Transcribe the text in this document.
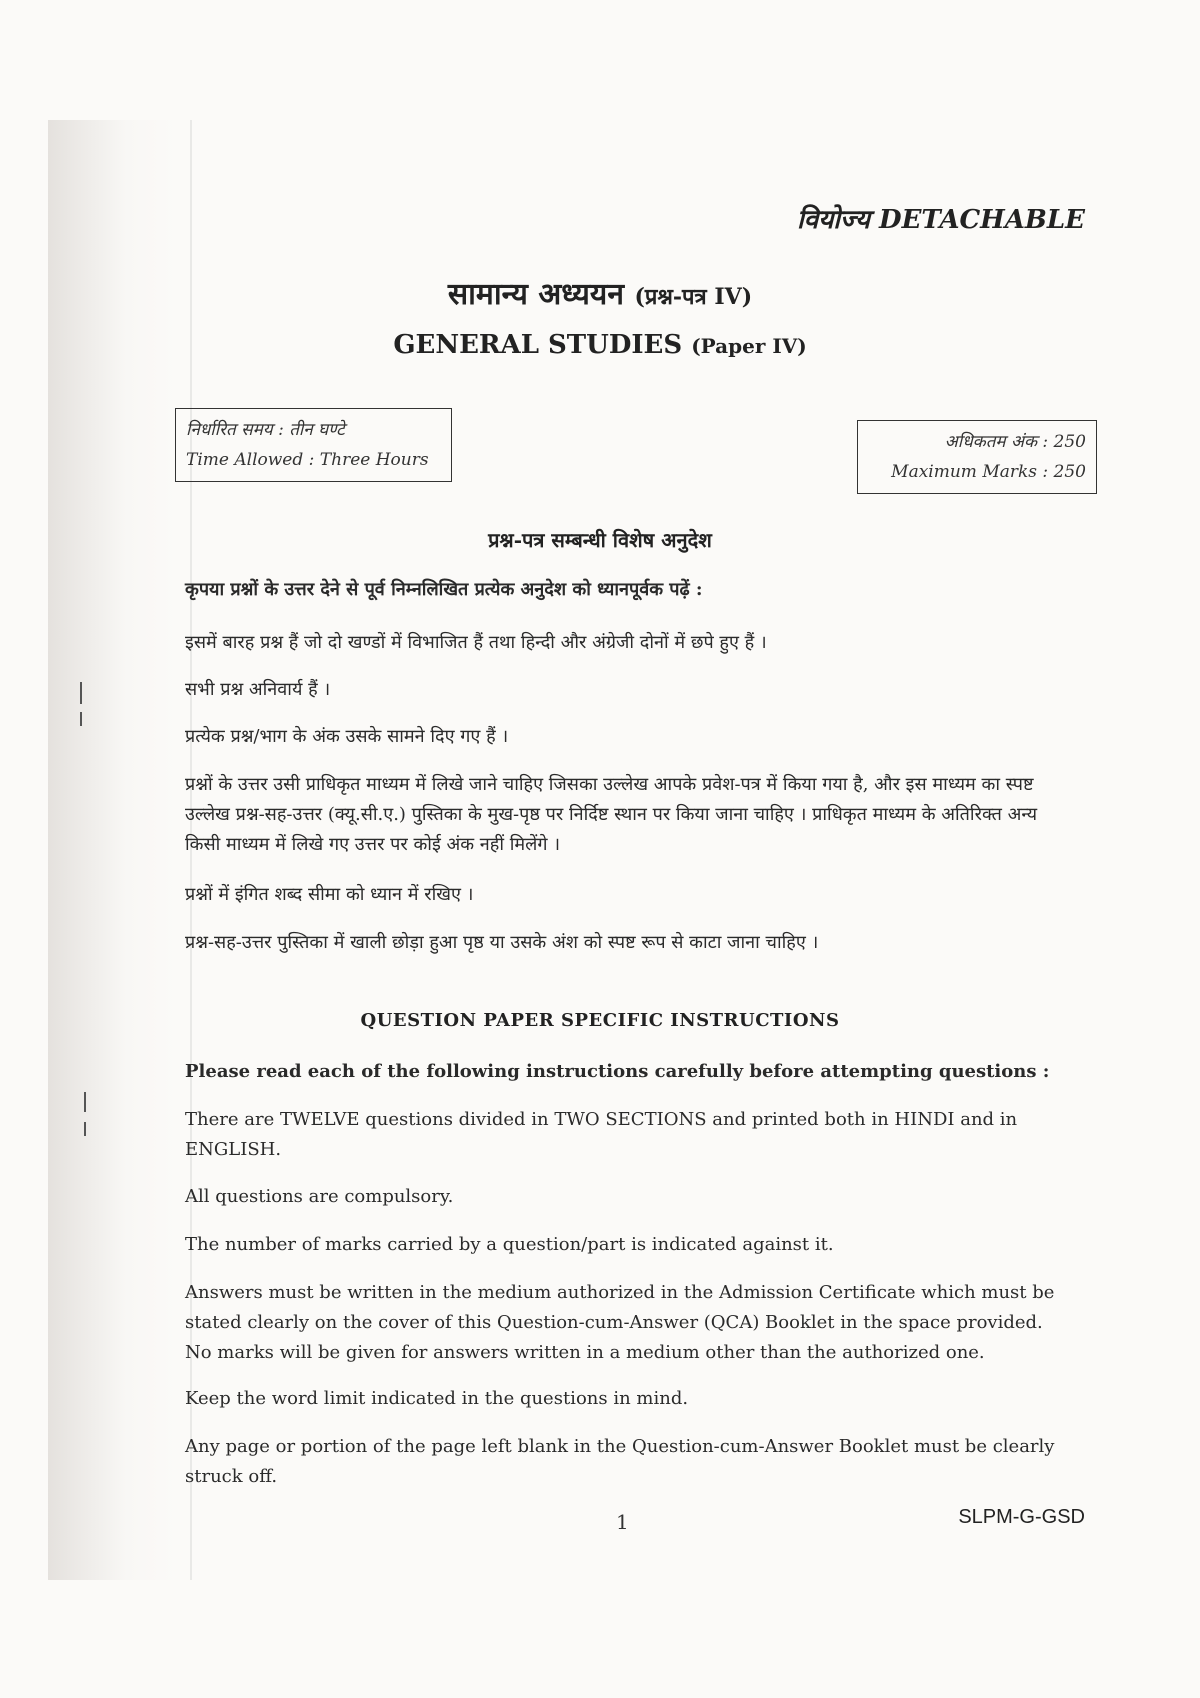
वियोज्य DETACHABLE
सामान्य अध्ययन (प्रश्न-पत्र IV)
GENERAL STUDIES (Paper IV)
निर्धारित समय : तीन घण्टे
Time Allowed : Three Hours
अधिकतम अंक : 250
Maximum Marks : 250
प्रश्न-पत्र सम्बन्धी विशेष अनुदेश
कृपया प्रश्नों के उत्तर देने से पूर्व निम्नलिखित प्रत्येक अनुदेश को ध्यानपूर्वक पढ़ें :
इसमें बारह प्रश्न हैं जो दो खण्डों में विभाजित हैं तथा हिन्दी और अंग्रेजी दोनों में छपे हुए हैं ।
सभी प्रश्न अनिवार्य हैं ।
प्रत्येक प्रश्न/भाग के अंक उसके सामने दिए गए हैं ।
प्रश्नों के उत्तर उसी प्राधिकृत माध्यम में लिखे जाने चाहिए जिसका उल्लेख आपके प्रवेश-पत्र में किया गया है, और इस माध्यम का स्पष्ट उल्लेख प्रश्न-सह-उत्तर (क्यू.सी.ए.) पुस्तिका के मुख-पृष्ठ पर निर्दिष्ट स्थान पर किया जाना चाहिए । प्राधिकृत माध्यम के अतिरिक्त अन्य किसी माध्यम में लिखे गए उत्तर पर कोई अंक नहीं मिलेंगे ।
प्रश्नों में इंगित शब्द सीमा को ध्यान में रखिए ।
प्रश्न-सह-उत्तर पुस्तिका में खाली छोड़ा हुआ पृष्ठ या उसके अंश को स्पष्ट रूप से काटा जाना चाहिए ।
QUESTION PAPER SPECIFIC INSTRUCTIONS
Please read each of the following instructions carefully before attempting questions :
There are TWELVE questions divided in TWO SECTIONS and printed both in HINDI and in ENGLISH.
All questions are compulsory.
The number of marks carried by a question/part is indicated against it.
Answers must be written in the medium authorized in the Admission Certificate which must be stated clearly on the cover of this Question-cum-Answer (QCA) Booklet in the space provided. No marks will be given for answers written in a medium other than the authorized one.
Keep the word limit indicated in the questions in mind.
Any page or portion of the page left blank in the Question-cum-Answer Booklet must be clearly struck off.
1	SLPM-G-GSD
